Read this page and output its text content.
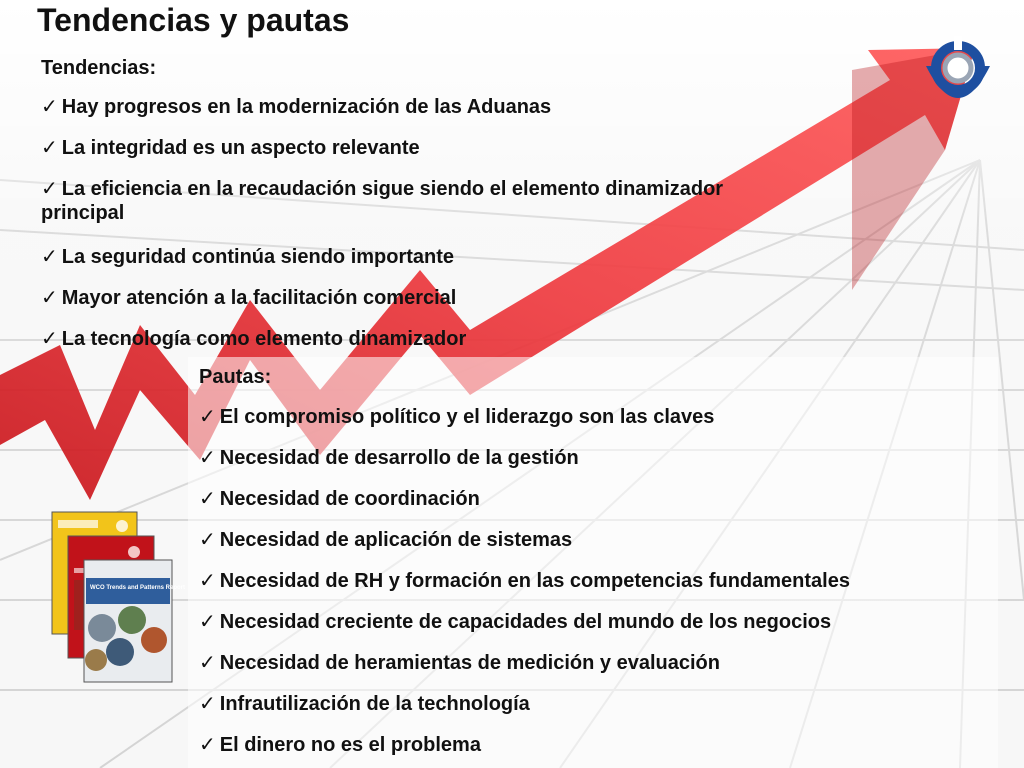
Tendencias y pautas
Tendencias:
✓ Hay progresos en la modernización de las Aduanas
✓ La integridad es un aspecto relevante
✓ La eficiencia en la recaudación sigue siendo el elemento dinamizador
principal
✓ La seguridad continúa siendo importante
✓ Mayor atención a la facilitación comercial
✓ La tecnología como elemento dinamizador
Pautas:
✓ El compromiso político y el liderazgo son las claves
✓ Necesidad de desarrollo de la gestión
✓ Necesidad de coordinación
✓ Necesidad de aplicación de sistemas
✓ Necesidad de RH y formación en las competencias fundamentales
✓ Necesidad creciente de capacidades del mundo de los negocios
✓ Necesidad de heramientas de medición y evaluación
✓ Infrautilización de la technología
✓ El dinero no es el problema
WCO Trends and Patterns Report
